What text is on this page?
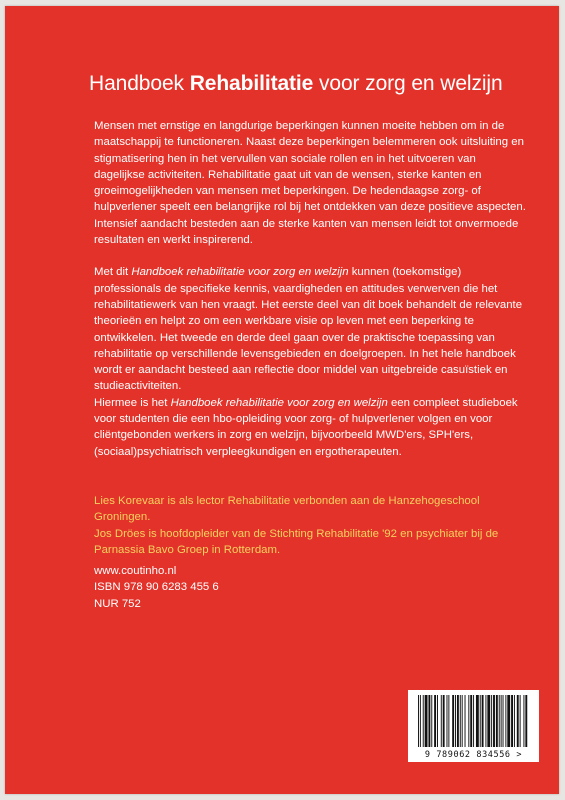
Handboek Rehabilitatie voor zorg en welzijn

Mensen met ernstige en langdurige beperkingen kunnen moeite hebben om in de maatschappij te functioneren. Naast deze beperkingen belemmeren ook uitsluiting en stigmatisering hen in het vervullen van sociale rollen en in het uitvoeren van dagelijkse activiteiten. Rehabilitatie gaat uit van de wensen, sterke kanten en groeimogelijkheden van mensen met beperkingen. De hedendaagse zorg- of hulpverlener speelt een belangrijke rol bij het ontdekken van deze positieve aspecten. Intensief aandacht besteden aan de sterke kanten van mensen leidt tot onvermoede resultaten en werkt inspirerend.

Met dit Handboek rehabilitatie voor zorg en welzijn kunnen (toekomstige) professionals de specifieke kennis, vaardigheden en attitudes verwerven die het rehabilitatiewerk van hen vraagt. Het eerste deel van dit boek behandelt de relevante theorieën en helpt zo om een werkbare visie op leven met een beperking te ontwikkelen. Het tweede en derde deel gaan over de praktische toepassing van rehabilitatie op verschillende levensgebieden en doelgroepen. In het hele handboek wordt er aandacht besteed aan reflectie door middel van uitgebreide casuïstiek en studieactiviteiten.

Hiermee is het Handboek rehabilitatie voor zorg en welzijn een compleet studieboek voor studenten die een hbo-opleiding voor zorg- of hulpverlener volgen en voor cliëntgebonden werkers in zorg en welzijn, bijvoorbeeld MWD'ers, SPH'ers, (sociaal)psychiatrisch verpleegkundigen en ergotherapeuten.

Lies Korevaar is als lector Rehabilitatie verbonden aan de Hanzehogeschool Groningen.

Jos Dröes is hoofdopleider van de Stichting Rehabilitatie '92 en psychiater bij de Parnassia Bavo Groep in Rotterdam.

www.coutinho.nl

ISBN 978 90 6283 455 6

NUR 752

9 789062 834556 >
